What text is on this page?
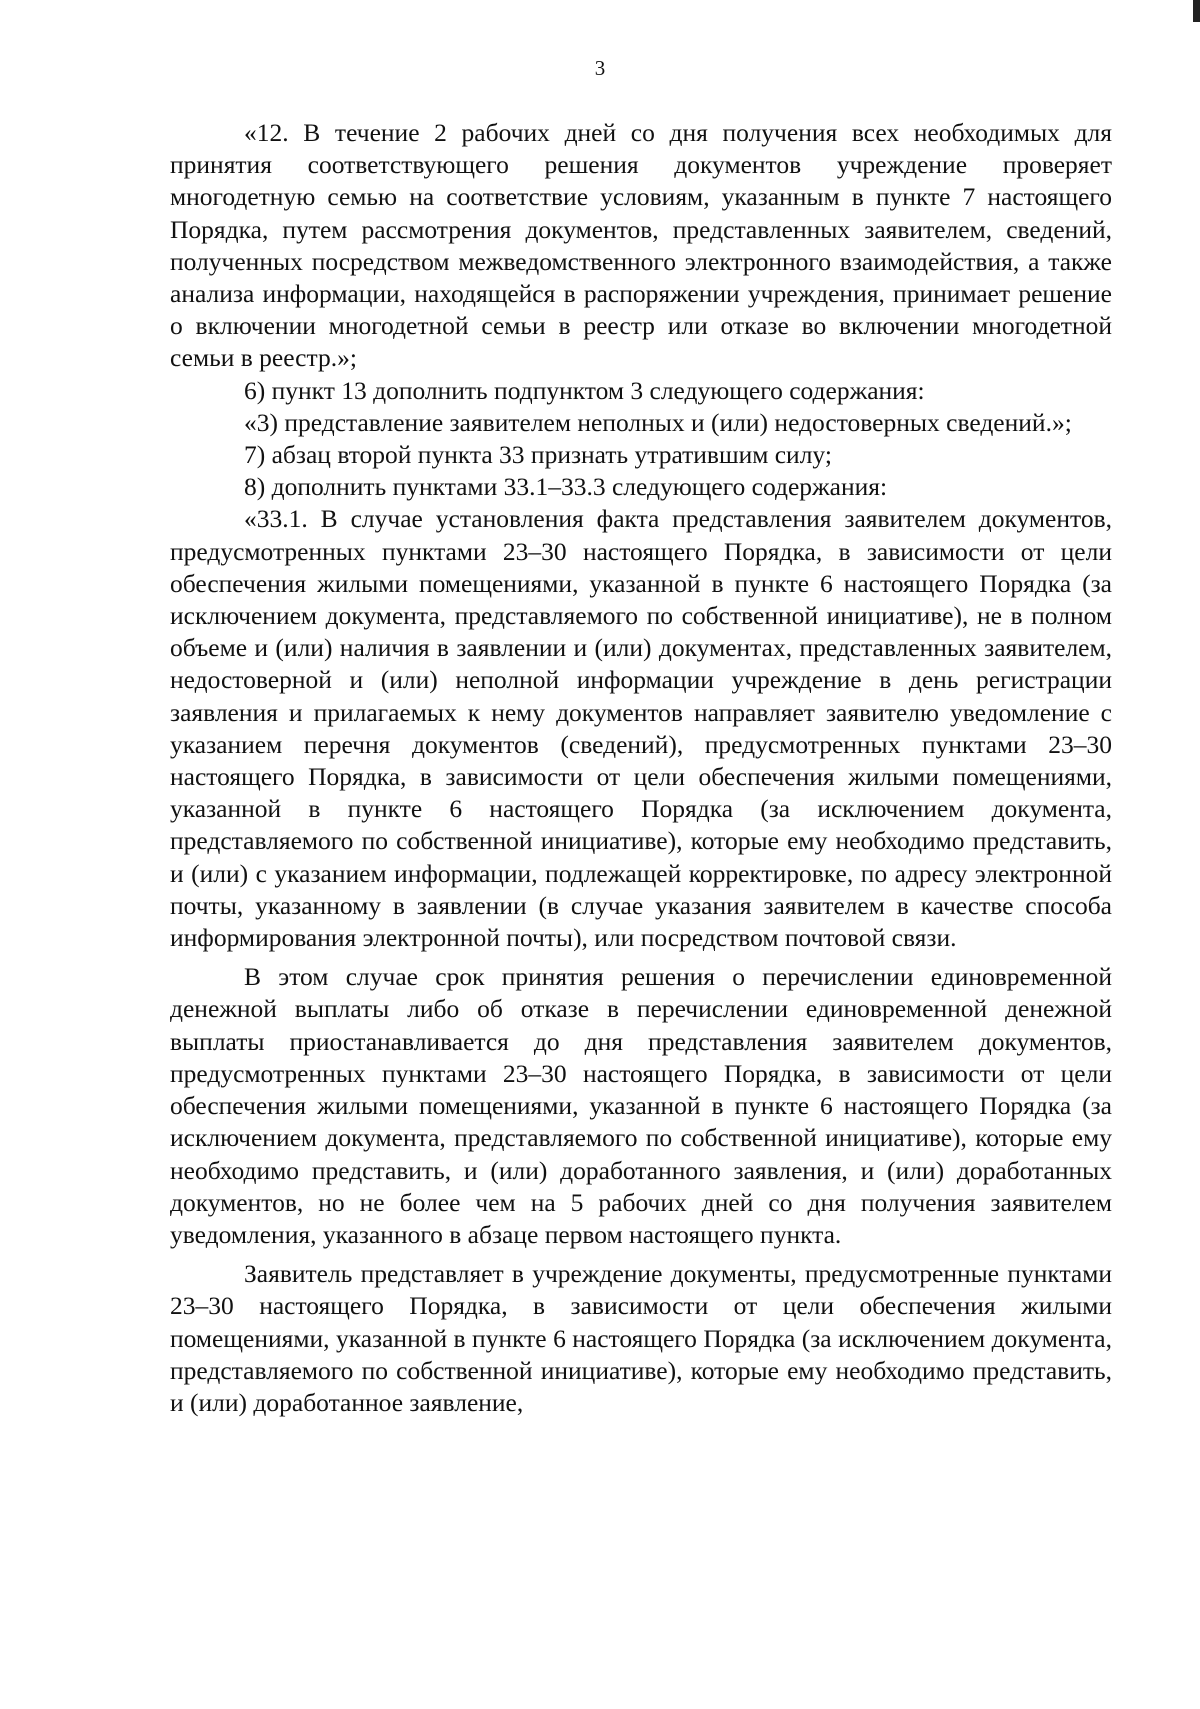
3

«12. В течение 2 рабочих дней со дня получения всех необходимых для принятия соответствующего решения документов учреждение проверяет многодетную семью на соответствие условиям, указанным в пункте 7 настоящего Порядка, путем рассмотрения документов, представленных заявителем, сведений, полученных посредством межведомственного электронного взаимодействия, а также анализа информации, находящейся в распоряжении учреждения, принимает решение о включении многодетной семьи в реестр или отказе во включении многодетной семьи в реестр.»;

6) пункт 13 дополнить подпунктом 3 следующего содержания:

«3) представление заявителем неполных и (или) недостоверных сведений.»;

7) абзац второй пункта 33 признать утратившим силу;

8) дополнить пунктами 33.1–33.3 следующего содержания:

«33.1. В случае установления факта представления заявителем документов, предусмотренных пунктами 23–30 настоящего Порядка, в зависимости от цели обеспечения жилыми помещениями, указанной в пункте 6 настоящего Порядка (за исключением документа, представляемого по собственной инициативе), не в полном объеме и (или) наличия в заявлении и (или) документах, представленных заявителем, недостоверной и (или) неполной информации учреждение в день регистрации заявления и прилагаемых к нему документов направляет заявителю уведомление с указанием перечня документов (сведений), предусмотренных пунктами 23–30 настоящего Порядка, в зависимости от цели обеспечения жилыми помещениями, указанной в пункте 6 настоящего Порядка (за исключением документа, представляемого по собственной инициативе), которые ему необходимо представить, и (или) с указанием информации, подлежащей корректировке, по адресу электронной почты, указанному в заявлении (в случае указания заявителем в качестве способа информирования электронной почты), или посредством почтовой связи.

В этом случае срок принятия решения о перечислении единовременной денежной выплаты либо об отказе в перечислении единовременной денежной выплаты приостанавливается до дня представления заявителем документов, предусмотренных пунктами 23–30 настоящего Порядка, в зависимости от цели обеспечения жилыми помещениями, указанной в пункте 6 настоящего Порядка (за исключением документа, представляемого по собственной инициативе), которые ему необходимо представить, и (или) доработанного заявления, и (или) доработанных документов, но не более чем на 5 рабочих дней со дня получения заявителем уведомления, указанного в абзаце первом настоящего пункта.

Заявитель представляет в учреждение документы, предусмотренные пунктами 23–30 настоящего Порядка, в зависимости от цели обеспечения жилыми помещениями, указанной в пункте 6 настоящего Порядка (за исключением документа, представляемого по собственной инициативе), которые ему необходимо представить, и (или) доработанное заявление,
